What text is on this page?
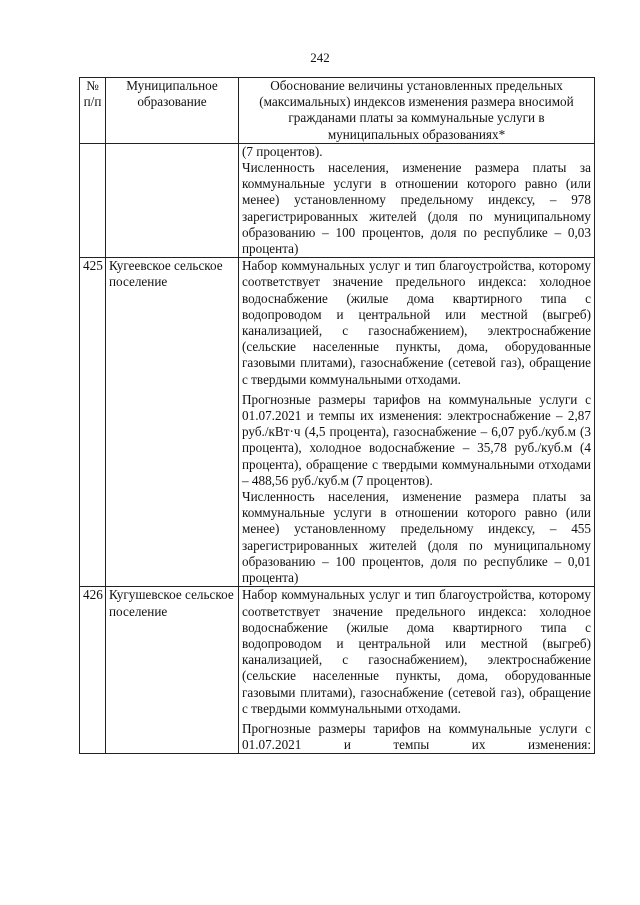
242
№ п/п	Муниципальное образование	Обоснование величины установленных предельных (максимальных) индексов изменения размера вносимой гражданами платы за коммунальные услуги в муниципальных образованиях*

		(7 процентов).
Численность населения, изменение размера платы за коммунальные услуги в отношении которого равно (или менее) установленному предельному индексу, – 978 зарегистрированных жителей (доля по муниципальному образованию – 100 процентов, доля по республике – 0,03 процента)

425	Кугеевское сельское поселение	Набор коммунальных услуг и тип благоустройства, которому соответствует значение предельного индекса: холодное водоснабжение (жилые дома квартирного типа с водопроводом и центральной или местной (выгреб) канализацией, с газоснабжением), электроснабжение (сельские населенные пункты, дома, оборудованные газовыми плитами), газоснабжение (сетевой газ), обращение с твердыми коммунальными отходами.
Прогнозные размеры тарифов на коммунальные услуги с 01.07.2021 и темпы их изменения: электроснабжение – 2,87 руб./кВт·ч (4,5 процента), газоснабжение – 6,07 руб./куб.м (3 процента), холодное водоснабжение – 35,78 руб./куб.м (4 процента), обращение с твердыми коммунальными отходами – 488,56 руб./куб.м (7 процентов).
Численность населения, изменение размера платы за коммунальные услуги в отношении которого равно (или менее) установленному предельному индексу, – 455 зарегистрированных жителей (доля по муниципальному образованию – 100 процентов, доля по республике – 0,01 процента)

426	Кугушевское сельское поселение	Набор коммунальных услуг и тип благоустройства, которому соответствует значение предельного индекса: холодное водоснабжение (жилые дома квартирного типа с водопроводом и центральной или местной (выгреб) канализацией, с газоснабжением), электроснабжение (сельские населенные пункты, дома, оборудованные газовыми плитами), газоснабжение (сетевой газ), обращение с твердыми коммунальными отходами.
Прогнозные размеры тарифов на коммунальные услуги с 01.07.2021 и темпы их изменения:
